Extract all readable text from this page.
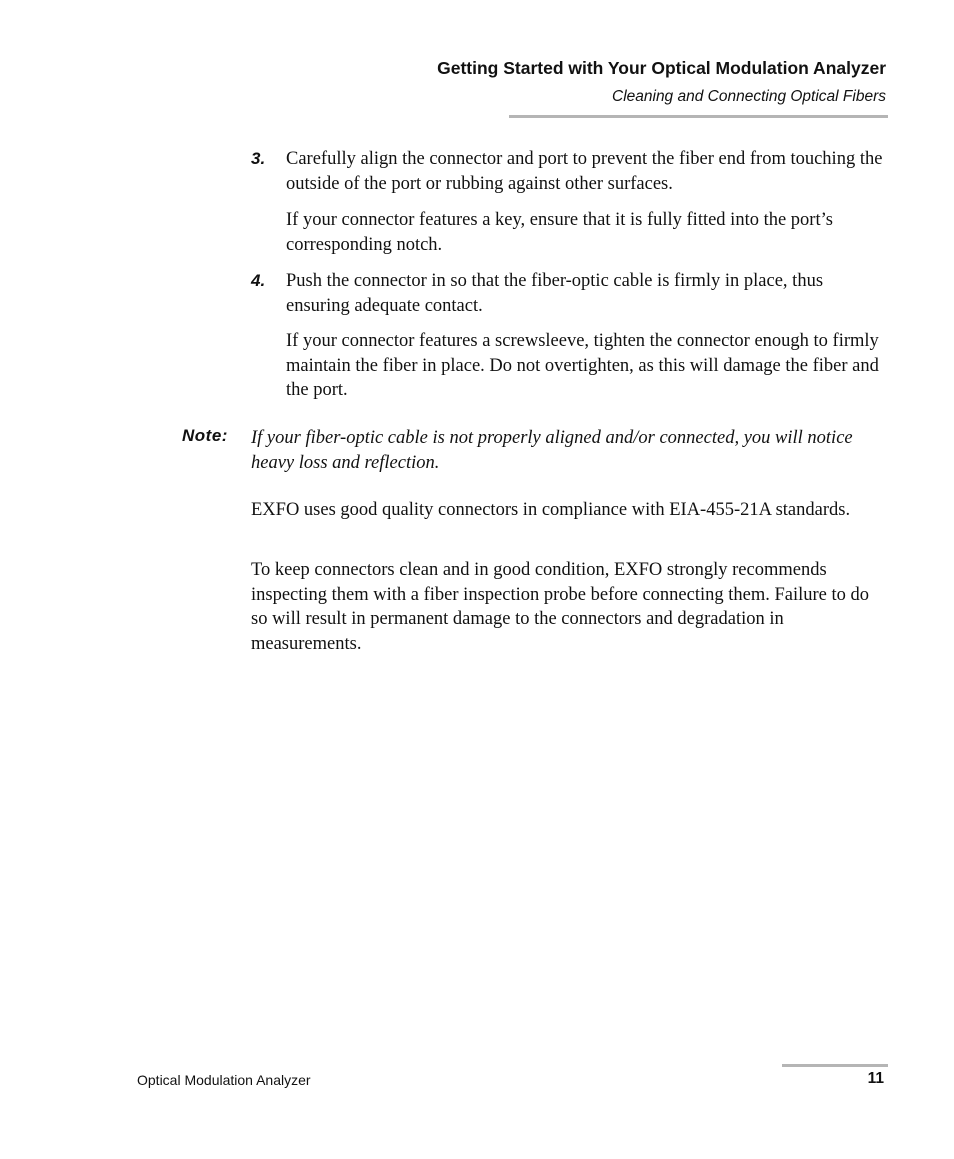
Getting Started with Your Optical Modulation Analyzer
Cleaning and Connecting Optical Fibers
3. Carefully align the connector and port to prevent the fiber end from touching the outside of the port or rubbing against other surfaces.
If your connector features a key, ensure that it is fully fitted into the port’s corresponding notch.
4. Push the connector in so that the fiber-optic cable is firmly in place, thus ensuring adequate contact.
If your connector features a screwsleeve, tighten the connector enough to firmly maintain the fiber in place. Do not overtighten, as this will damage the fiber and the port.
Note: If your fiber-optic cable is not properly aligned and/or connected, you will notice heavy loss and reflection.
EXFO uses good quality connectors in compliance with EIA-455-21A standards.
To keep connectors clean and in good condition, EXFO strongly recommends inspecting them with a fiber inspection probe before connecting them. Failure to do so will result in permanent damage to the connectors and degradation in measurements.
Optical Modulation Analyzer	11
